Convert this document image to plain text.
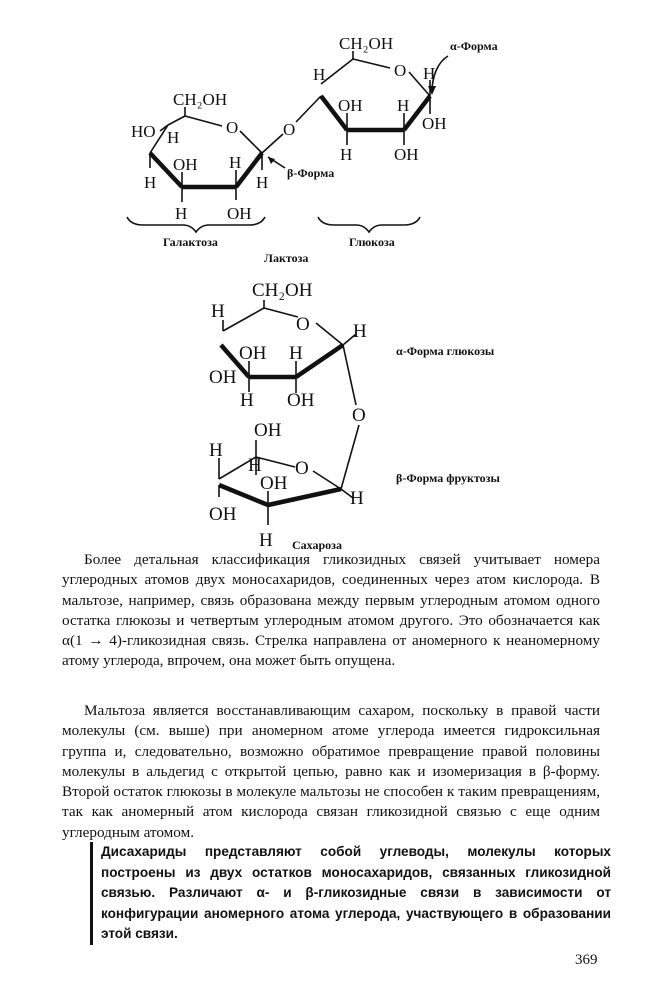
CH₂OH
HO H
O
OH H
H	H
H OH
O
CH₂OH
H	O H
OH H
OH
H OH
β-Форма
α-Форма
Галактоза	Глюкоза
Лактоза
CH₂OH
H
O H
OH H
OH
H OH
O
OH
H
H O
OH
H
OH
H
α-Форма глюкозы
β-Форма фруктозы
Сахароза

Более детальная классификация гликозидных связей учитывает номера углеродных атомов двух моносахаридов, соединенных через атом кислорода. В мальтозе, например, связь образована между первым углеродным атомом одного остатка глюкозы и четвертым углеродным атомом другого. Это обозначается как α(1 → 4)-гликозидная связь. Стрелка направлена от аномерного к неаномерному атому углерода, впрочем, она может быть опущена.

Мальтоза является восстанавливающим сахаром, поскольку в правой части молекулы (см. выше) при аномерном атоме углерода имеется гидроксильная группа и, следовательно, возможно обратимое превращение правой половины молекулы в альдегид с открытой цепью, равно как и изомеризация в β-форму. Второй остаток глюкозы в молекуле мальтозы не способен к таким превращениям, так как аномерный атом кислорода связан гликозидной связью с еще одним углеродным атомом.

Дисахариды представляют собой углеводы, молекулы которых построены из двух остатков моносахаридов, связанных гликозидной связью. Различают α- и β-гликозидные связи в зависимости от конфигурации аномерного атома углерода, участвующего в образовании этой связи.

369
